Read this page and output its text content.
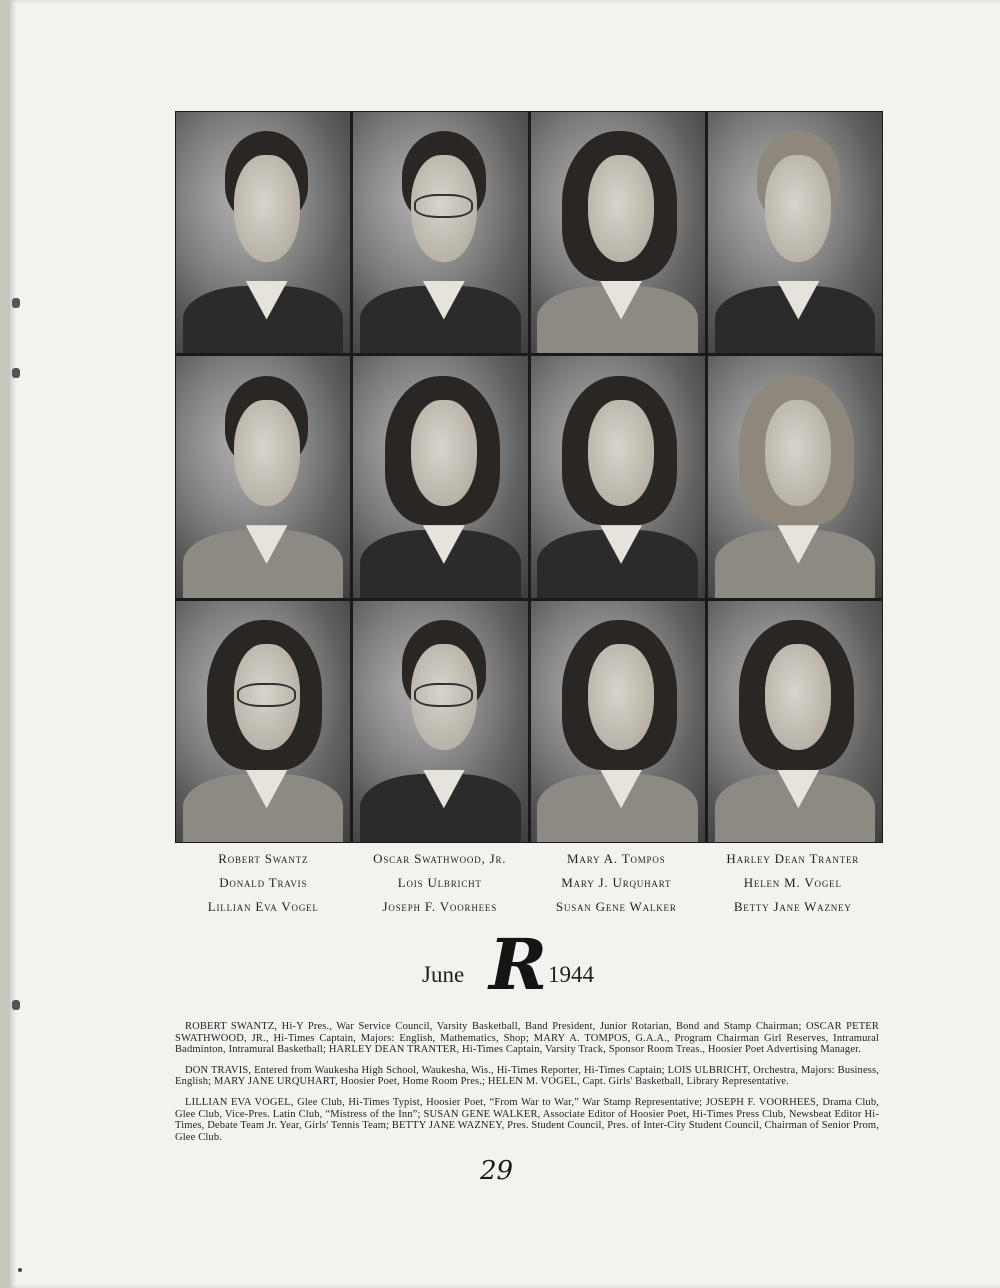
Robert Swantz	Oscar Swathwood, Jr.	Mary A. Tompos	Harley Dean Tranter
Donald Travis	Lois Ulbricht	Mary J. Urquhart	Helen M. Vogel
Lillian Eva Vogel	Joseph F. Voorhees	Susan Gene Walker	Betty Jane Wazney
June R 1944

ROBERT SWANTZ, Hi-Y Pres., War Service Council, Varsity Basketball, Band President, Junior Rotarian, Bond and Stamp Chairman; OSCAR PETER SWATHWOOD, JR., Hi-Times Captain, Majors: English, Mathematics, Shop; MARY A. TOMPOS, G.A.A., Program Chairman Girl Reserves, Intramural Badminton, Intramural Basketball; HARLEY DEAN TRANTER, Hi-Times Captain, Varsity Track, Sponsor Room Treas., Hoosier Poet Advertising Manager.

DON TRAVIS, Entered from Waukesha High School, Waukesha, Wis., Hi-Times Reporter, Hi-Times Captain; LOIS ULBRICHT, Orchestra, Majors: Business, English; MARY JANE URQUHART, Hoosier Poet, Home Room Pres.; HELEN M. VOGEL, Capt. Girls' Basketball, Library Representative.

LILLIAN EVA VOGEL, Glee Club, Hi-Times Typist, Hoosier Poet, “From War to War,” War Stamp Representative; JOSEPH F. VOORHEES, Drama Club, Glee Club, Vice-Pres. Latin Club, “Mistress of the Inn”; SUSAN GENE WALKER, Associate Editor of Hoosier Poet, Hi-Times Press Club, Newsbeat Editor Hi-Times, Debate Team Jr. Year, Girls' Tennis Team; BETTY JANE WAZNEY, Pres. Student Council, Pres. of Inter-City Student Council, Chairman of Senior Prom, Glee Club.

29
